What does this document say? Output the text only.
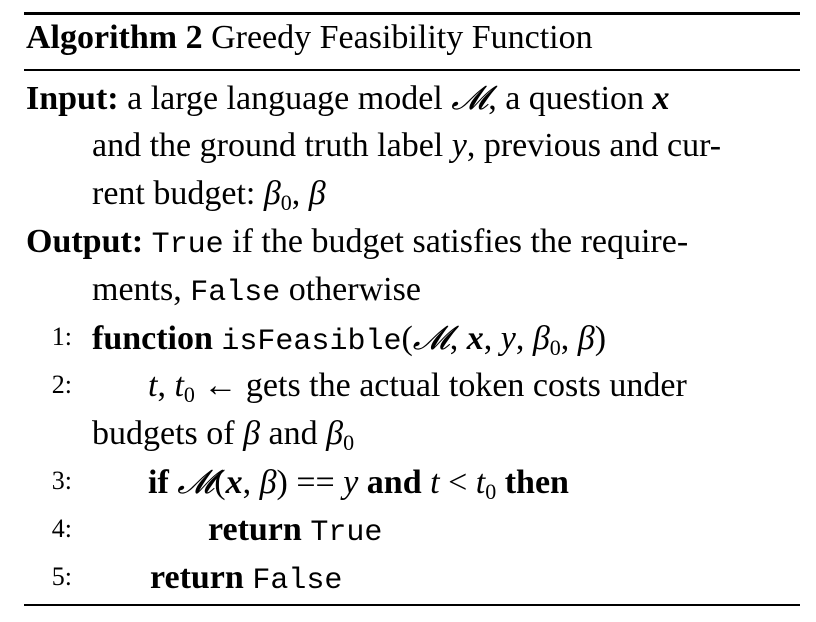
Algorithm 2 Greedy Feasibility Function
Input: a large language model 𝓜, a question x
and the ground truth label y, previous and cur-
rent budget: $\beta_0$, β
Output: True if the budget satisfies the require-
ments, False otherwise
1: function isFeasible(𝓜, x, y, $\beta_0$, β)
2: t, $t_0$ ← gets the actual token costs under
budgets of β and $\beta_0$
3: if 𝓜(x, β) == y and $t < t_0$ then
4:	return True
5: return False
